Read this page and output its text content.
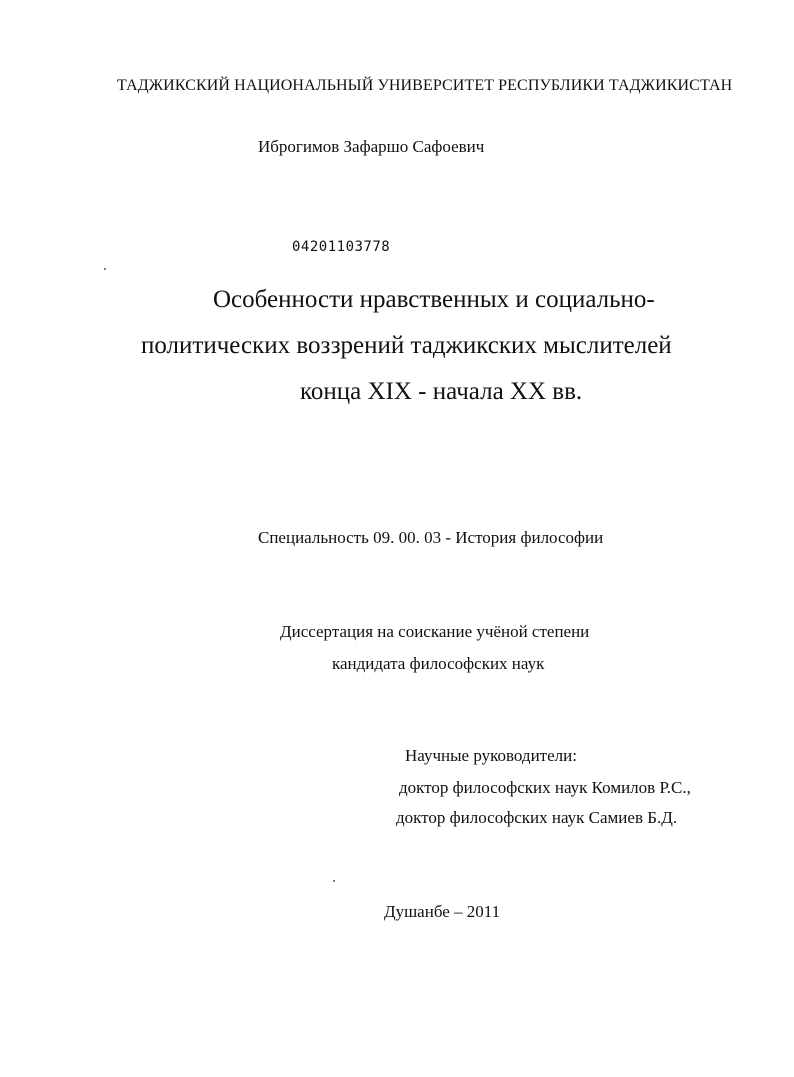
ТАДЖИКСКИЙ НАЦИОНАЛЬНЫЙ УНИВЕРСИТЕТ РЕСПУБЛИКИ ТАДЖИКИСТАН
Иброгимов Зафаршо Сафоевич
04201103778
Особенности нравственных и социально-
политических воззрений таджикских мыслителей
конца XIX - начала XX вв.
Специальность 09. 00. 03 - История философии
Диссертация на соискание учёной степени
кандидата философских наук
Научные руководители:
доктор философских наук Комилов Р.С.,
доктор философских наук Самиев Б.Д.
Душанбе – 2011
